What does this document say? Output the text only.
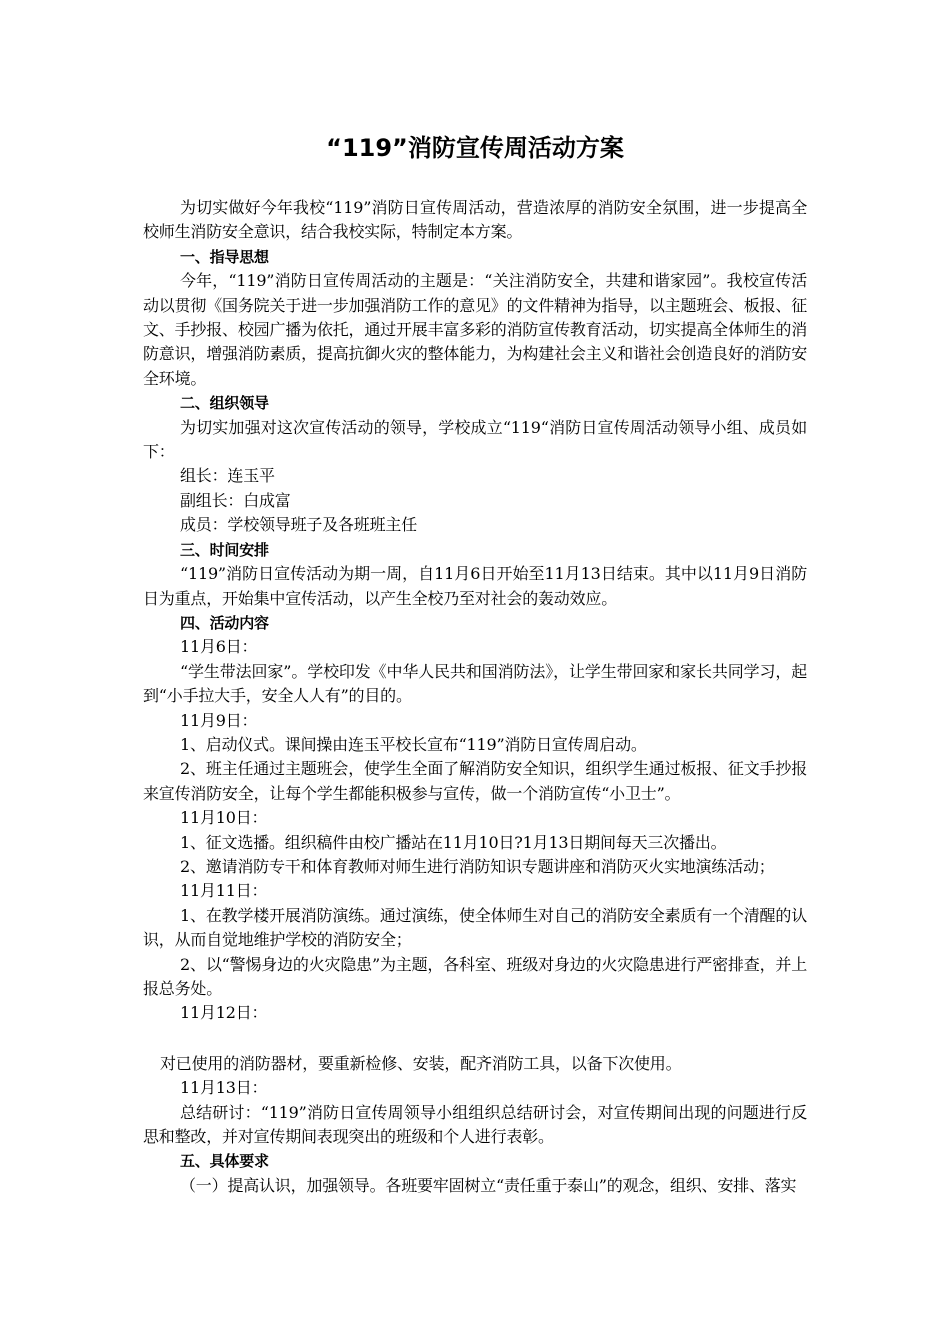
“119”消防宣传周活动方案

为切实做好今年我校“119”消防日宣传周活动，营造浓厚的消防安全氛围，进一步提高全校师生消防安全意识，结合我校实际，特制定本方案。

一、指导思想

今年，“119”消防日宣传周活动的主题是：“关注消防安全，共建和谐家园”。我校宣传活动以贯彻《国务院关于进一步加强消防工作的意见》的文件精神为指导，以主题班会、板报、征文、手抄报、校园广播为依托，通过开展丰富多彩的消防宣传教育活动，切实提高全体师生的消防意识，增强消防素质，提高抗御火灾的整体能力，为构建社会主义和谐社会创造良好的消防安全环境。

二、组织领导

为切实加强对这次宣传活动的领导，学校成立“119“消防日宣传周活动领导小组、成员如下：

组长：连玉平

副组长：白成富

成员：学校领导班子及各班班主任

三、时间安排

“119”消防日宣传活动为期一周，自11月6日开始至11月13日结束。其中以11月9日消防日为重点，开始集中宣传活动，以产生全校乃至对社会的轰动效应。

四、活动内容

11月6日：

“学生带法回家”。学校印发《中华人民共和国消防法》，让学生带回家和家长共同学习，起到“小手拉大手，安全人人有”的目的。

11月9日：

1、启动仪式。课间操由连玉平校长宣布“119”消防日宣传周启动。

2、班主任通过主题班会，使学生全面了解消防安全知识，组织学生通过板报、征文手抄报来宣传消防安全，让每个学生都能积极参与宣传，做一个消防宣传“小卫士”。

11月10日：

1、征文选播。组织稿件由校广播站在11月10日?1月13日期间每天三次播出。

2、邀请消防专干和体育教师对师生进行消防知识专题讲座和消防灭火实地演练活动；

11月11日：

1、在教学楼开展消防演练。通过演练，使全体师生对自己的消防安全素质有一个清醒的认识，从而自觉地维护学校的消防安全；

2、以“警惕身边的火灾隐患”为主题，各科室、班级对身边的火灾隐患进行严密排查，并上报总务处。

11月12日：

对已使用的消防器材，要重新检修、安装，配齐消防工具，以备下次使用。

11月13日：

总结研讨：“119”消防日宣传周领导小组组织总结研讨会，对宣传期间出现的问题进行反思和整改，并对宣传期间表现突出的班级和个人进行表彰。

五、具体要求

（一）提高认识，加强领导。各班要牢固树立“责任重于泰山”的观念，组织、安排、落实
